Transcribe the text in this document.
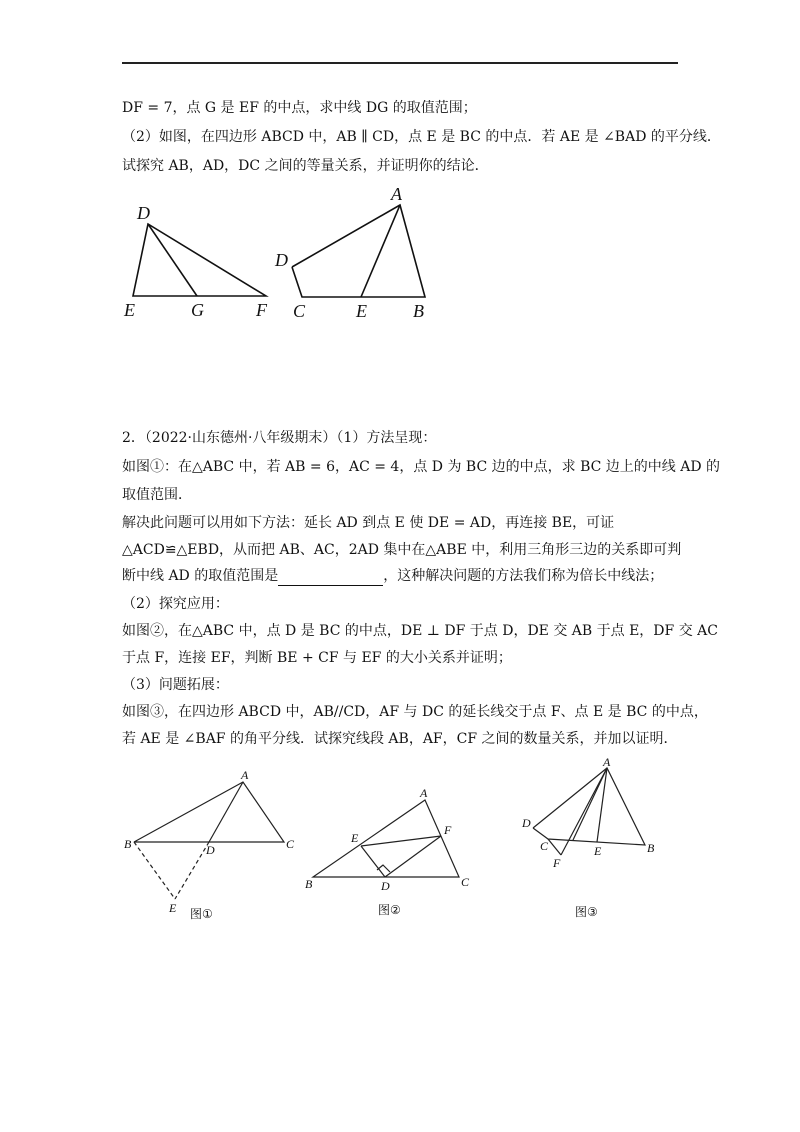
DF = 7，点 G 是 EF 的中点，求中线 DG 的取值范围；
（2）如图，在四边形 ABCD 中，AB ∥ CD，点 E 是 BC 的中点．若 AE 是 ∠BAD 的平分线．
试探究 AB，AD，DC 之间的等量关系，并证明你的结论．
D
E	G	F
A
D
C	E	B
2．（2022·山东德州·八年级期末）（1）方法呈现：
如图①：在△ABC 中，若 AB = 6，AC = 4，点 D 为 BC 边的中点，求 BC 边上的中线 AD 的
取值范围．
解决此问题可以用如下方法：延长 AD 到点 E 使 DE = AD，再连接 BE，可证
△ACD≌△EBD，从而把 AB、AC，2AD 集中在△ABE 中，利用三角形三边的关系即可判
断中线 AD 的取值范围是	，这种解决问题的方法我们称为倍长中线法；
（2）探究应用：
如图②，在△ABC 中，点 D 是 BC 的中点，DE ⊥ DF 于点 D，DE 交 AB 于点 E，DF 交 AC
于点 F，连接 EF，判断 BE + CF 与 EF 的大小关系并证明；
（3）问题拓展：
如图③，在四边形 ABCD 中，AB//CD，AF 与 DC 的延长线交于点 F、点 E 是 BC 的中点，
若 AE 是 ∠BAF 的角平分线．试探究线段 AB，AF，CF 之间的数量关系，并加以证明．
A
B	C
D
E 图①
A
B	C
D
E
F
图②
A
B
C
D
E
F
图③
